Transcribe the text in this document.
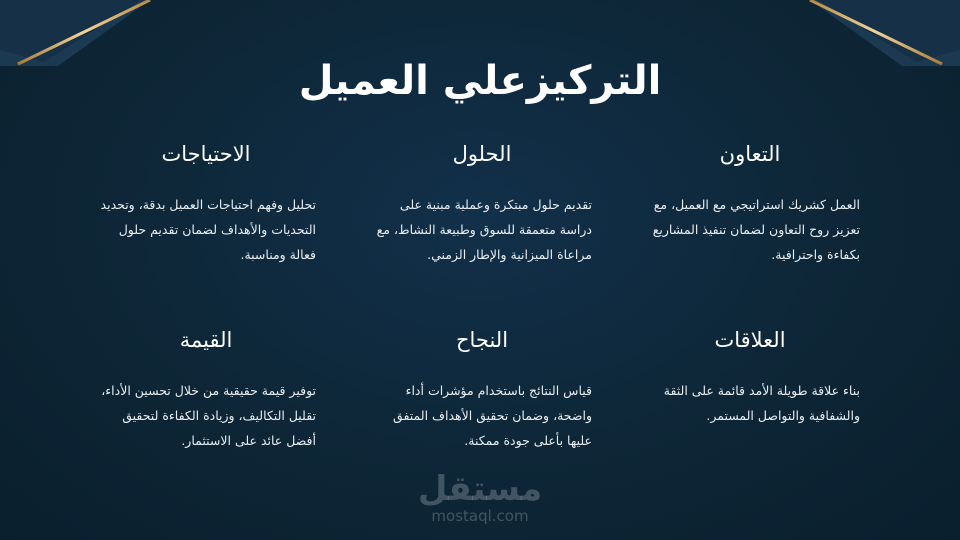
التركيزعلي العميل
التعاون

العمل كشريك استراتيجي مع العميل، مع تعزيز روح التعاون لضمان تنفيذ المشاريع بكفاءة واحترافية.

الحلول

تقديم حلول مبتكرة وعملية مبنية على دراسة متعمقة للسوق وطبيعة النشاط، مع مراعاة الميزانية والإطار الزمني.

الاحتياجات

تحليل وفهم احتياجات العميل بدقة، وتحديد التحديات والأهداف لضمان تقديم حلول فعالة ومناسبة.

العلاقات

بناء علاقة طويلة الأمد قائمة على الثقة والشفافية والتواصل المستمر.

النجاح

قياس النتائج باستخدام مؤشرات أداء واضحة، وضمان تحقيق الأهداف المتفق عليها بأعلى جودة ممكنة.

القيمة

توفير قيمة حقيقية من خلال تحسين الأداء، تقليل التكاليف، وزيادة الكفاءة لتحقيق أفضل عائد على الاستثمار.

مستقل
mostaql.com
